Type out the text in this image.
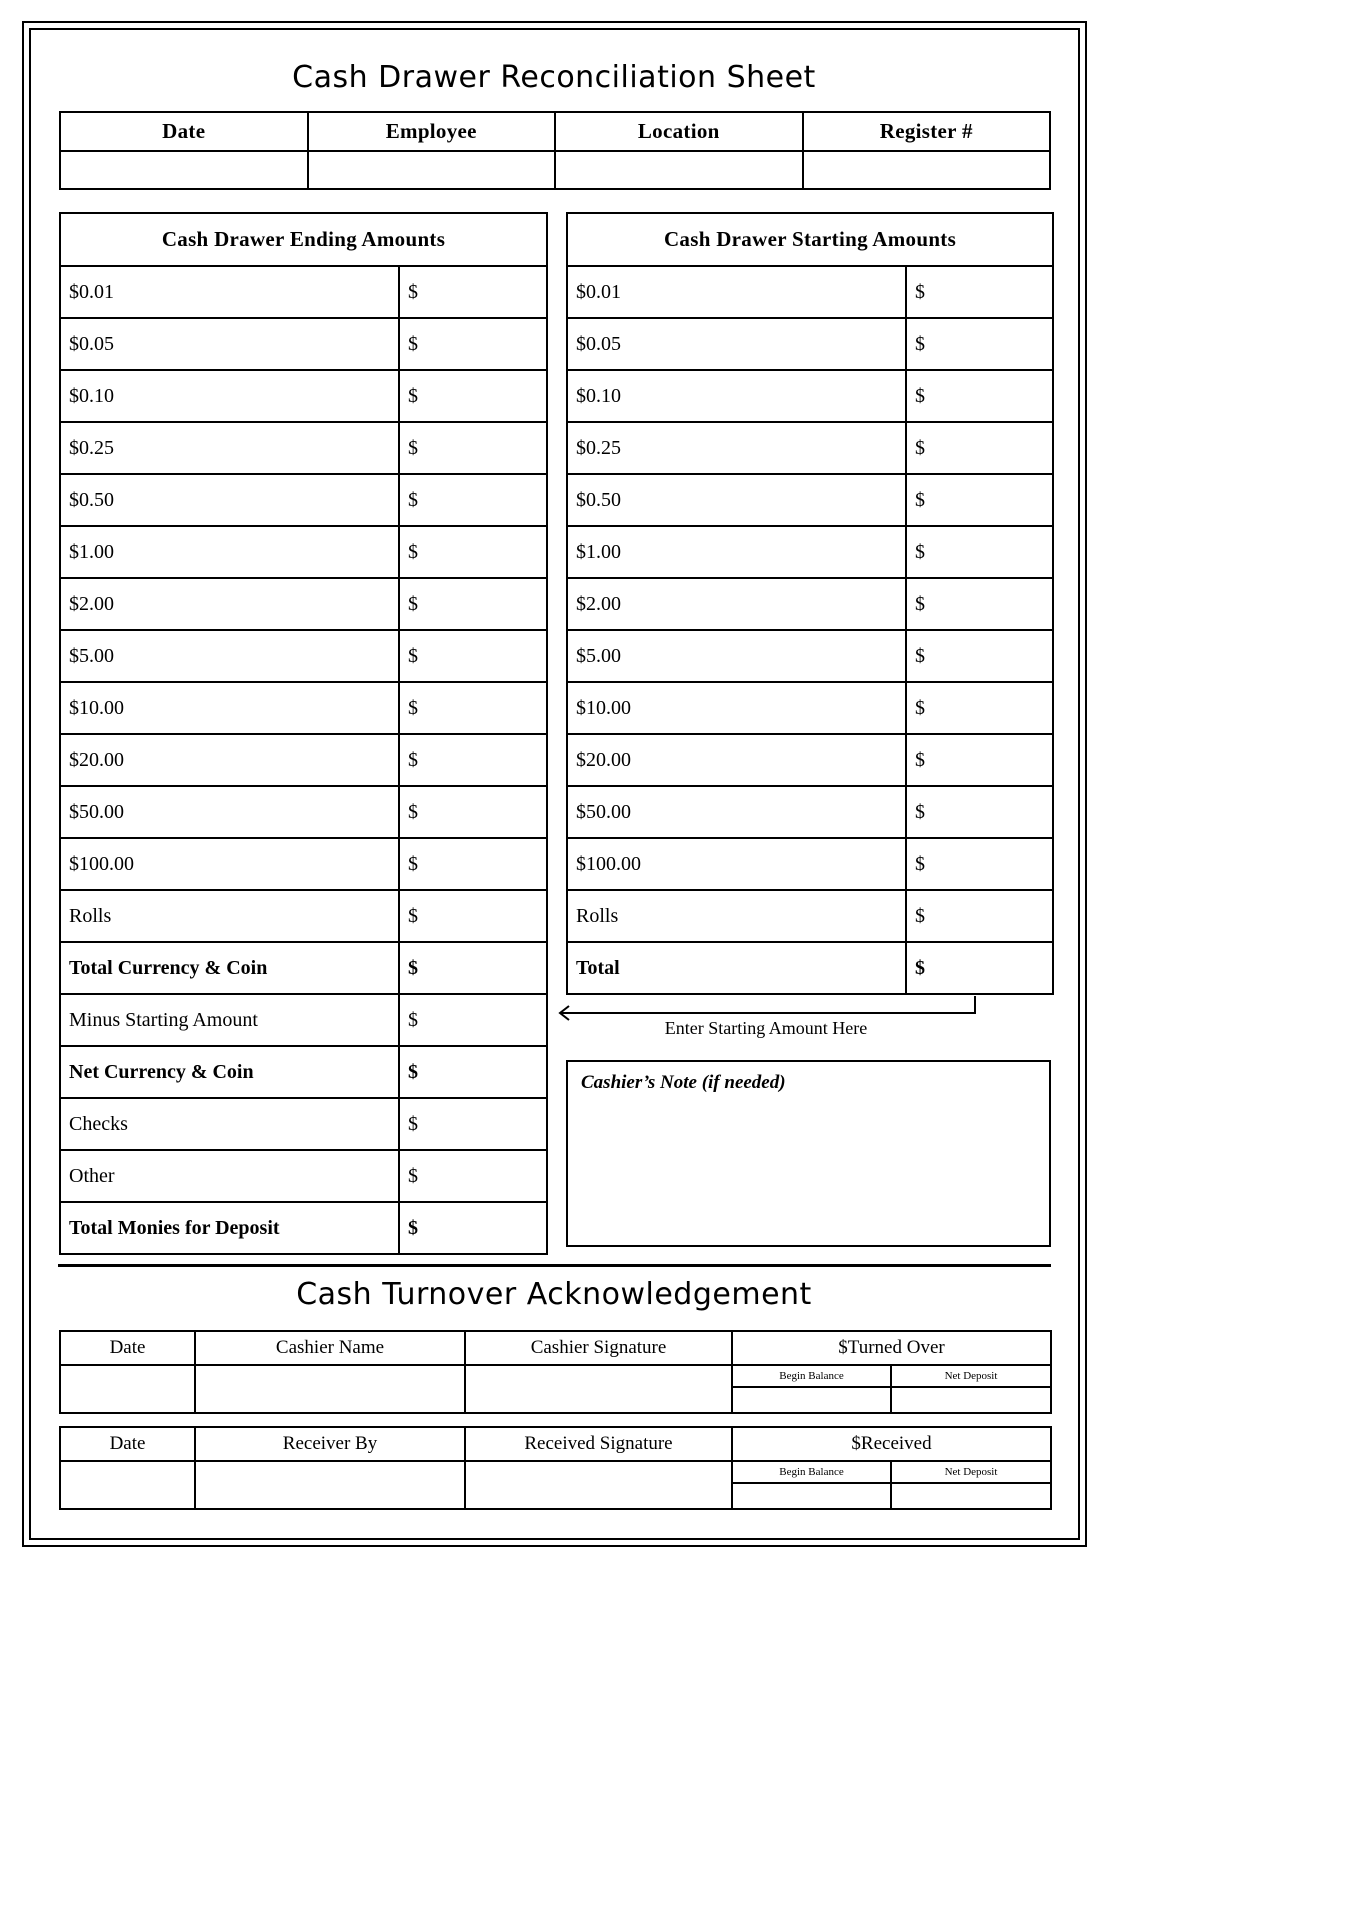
Cash Drawer Reconciliation Sheet
Date	Employee	Location	Register #

Cash Drawer Ending Amounts	
$0.01	$
$0.05	$
$0.10	$
$0.25	$
$0.50	$
$1.00	$
$2.00	$
$5.00	$
$10.00	$
$20.00	$
$50.00	$
$100.00	$
Rolls	$
Total Currency & Coin	$
Minus Starting Amount	$
Net Currency & Coin	$
Checks	$
Other	$
Total Monies for Deposit	$
Cash Drawer Starting Amounts	
$0.01	$
$0.05	$
$0.10	$
$0.25	$
$0.50	$
$1.00	$
$2.00	$
$5.00	$
$10.00	$
$20.00	$
$50.00	$
$100.00	$
Rolls	$
Total	$
Enter Starting Amount Here
Cashier’s Note (if needed)
Cash Turnover Acknowledgement
Date	Cashier Name	Cashier Signature	$Turned Over	

			Begin Balance	Net Deposit

Date	Receiver By	Received Signature	$Received	

			Begin Balance	Net Deposit
